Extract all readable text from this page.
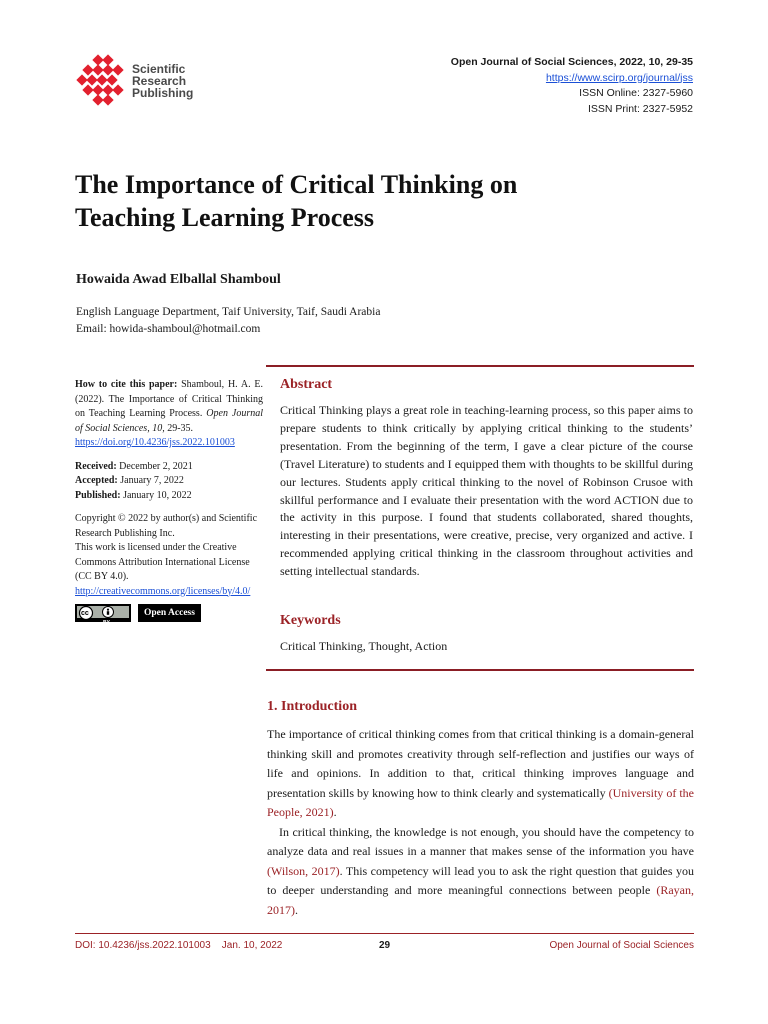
Scientific
Research
Publishing
Open Journal of Social Sciences, 2022, 10, 29-35
https://www.scirp.org/journal/jss
ISSN Online: 2327-5960
ISSN Print: 2327-5952
The Importance of Critical Thinking on
Teaching Learning Process
Howaida Awad Elballal Shamboul
English Language Department, Taif University, Taif, Saudi Arabia
Email: howida-shamboul@hotmail.com
How to cite this paper: Shamboul, H. A. E. (2022). The Importance of Critical Thinking on Teaching Learning Process. Open Journal of Social Sciences, 10, 29-35.
https://doi.org/10.4236/jss.2022.101003
Received: December 2, 2021
Accepted: January 7, 2022
Published: January 10, 2022
Copyright © 2022 by author(s) and Scientific Research Publishing Inc.
This work is licensed under the Creative Commons Attribution International License (CC BY 4.0).
http://creativecommons.org/licenses/by/4.0/
cc
BY
Open Access
Abstract
Critical Thinking plays a great role in teaching-learning process, so this paper aims to prepare students to think critically by applying critical thinking to the students’ presentation. From the beginning of the term, I gave a clear picture of the course (Travel Literature) to students and I equipped them with thoughts to be skillful during our lectures. Students apply critical thinking to the novel of Robinson Crusoe with skillful performance and I evaluate their presentation with the word ACTION due to the activity in this purpose. I found that students collaborated, shared thoughts, interesting in their presentations, were creative, precise, very organized and active. I recommended applying critical thinking in the classroom throughout activities and setting intellectual standards.
Keywords
Critical Thinking, Thought, Action
1. Introduction

The importance of critical thinking comes from that critical thinking is a domain-general thinking skill and promotes creativity through self-reflection and justifies our ways of life and opinions. In addition to that, critical thinking improves language and presentation skills by knowing how to think clearly and systematically (University of the People, 2021).

In critical thinking, the knowledge is not enough, you should have the competency to analyze data and real issues in a manner that makes sense of the information you have (Wilson, 2017). This competency will lead you to ask the right question that guides you to deeper understanding and more meaningful connections between people (Rayan, 2017).

DOI: 10.4236/jss.2022.101003    Jan. 10, 2022	29	Open Journal of Social Sciences
